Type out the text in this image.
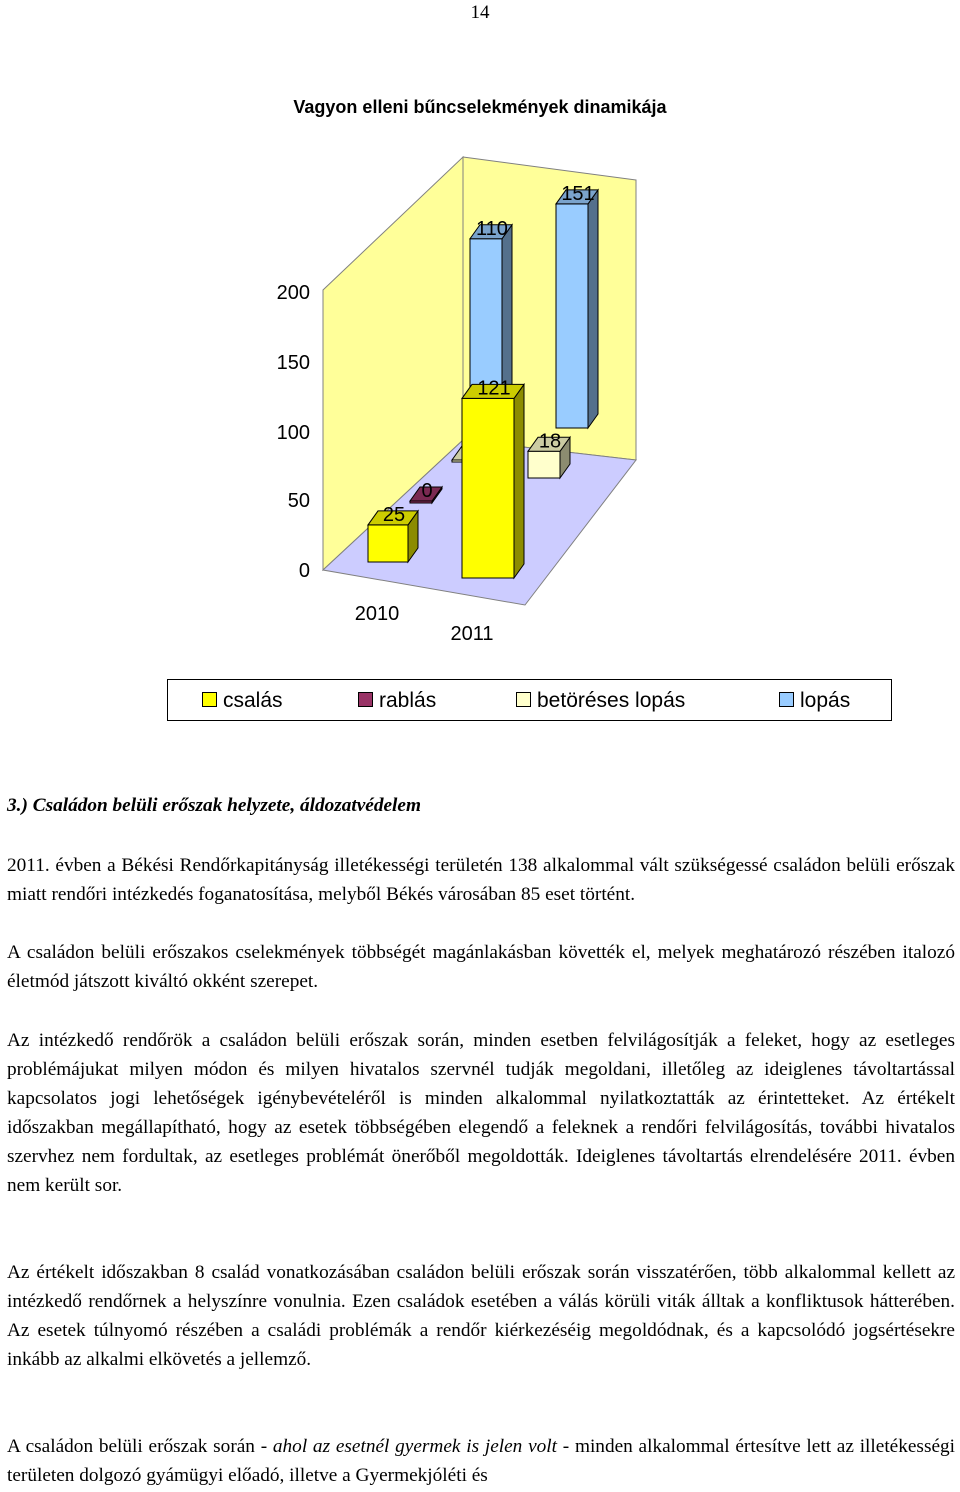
14
Vagyon elleni bűncselekmények dinamikája
0
50
100
150
200
2010
2011
110
151
18
0
25
121
csalás	rablás	betöréses lopás	lopás
3.) Családon belüli erőszak helyzete, áldozatvédelem

2011. évben a Békési Rendőrkapitányság illetékességi területén 138 alkalommal vált szükségessé családon belüli erőszak miatt rendőri intézkedés foganatosítása, melyből Békés városában 85 eset történt.

A családon belüli erőszakos cselekmények többségét magánlakásban követték el, melyek meghatározó részében italozó életmód játszott kiváltó okként szerepet.

Az intézkedő rendőrök a családon belüli erőszak során, minden esetben felvilágosítják a feleket, hogy az esetleges problémájukat milyen módon és milyen hivatalos szervnél tudják megoldani, illetőleg az ideiglenes távoltartással kapcsolatos jogi lehetőségek igénybevételéről is minden alkalommal nyilatkoztatták az érintetteket. Az értékelt időszakban megállapítható, hogy az esetek többségében elegendő a feleknek a rendőri felvilágosítás, további hivatalos szervhez nem fordultak, az esetleges problémát önerőből megoldották. Ideiglenes távoltartás elrendelésére 2011. évben nem került sor.

Az értékelt időszakban 8 család vonatkozásában családon belüli erőszak során visszatérően, több alkalommal kellett az intézkedő rendőrnek a helyszínre vonulnia. Ezen családok esetében a válás körüli viták álltak a konfliktusok hátterében. Az esetek túlnyomó részében a családi problémák a rendőr kiérkezéséig megoldódnak, és a kapcsolódó jogsértésekre inkább az alkalmi elkövetés a jellemző.

A családon belüli erőszak során - ahol az esetnél gyermek is jelen volt - minden alkalommal értesítve lett az illetékességi területen dolgozó gyámügyi előadó, illetve a Gyermekjóléti és
